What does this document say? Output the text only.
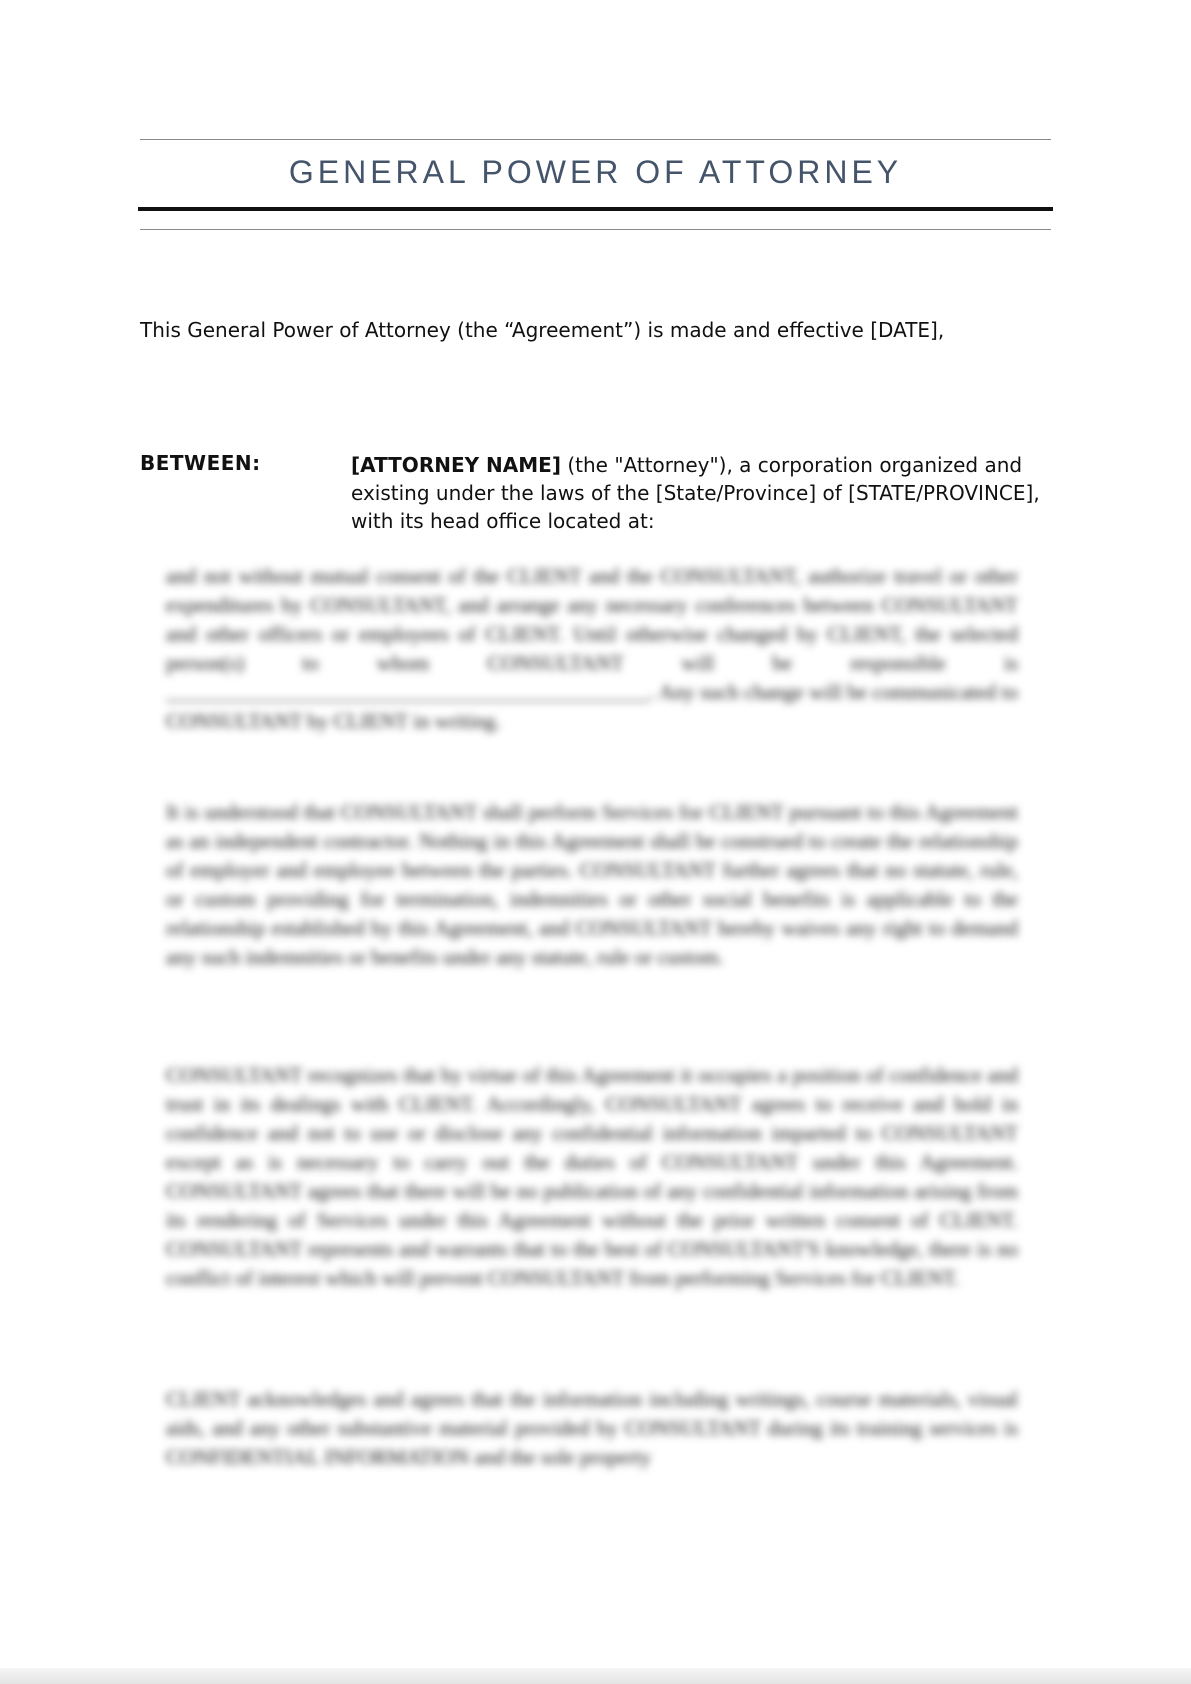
GENERAL POWER OF ATTORNEY

This General Power of Attorney (the “Agreement”) is made and effective [DATE],

BETWEEN:	[ATTORNEY NAME] (the "Attorney"), a corporation organized and existing under the laws of the [State/Province] of [STATE/PROVINCE], with its head office located at:

and not without mutual consent of the CLIENT and the CONSULTANT, authorize travel or other expenditures by CONSULTANT, and arrange any necessary conferences between CONSULTANT and other officers or employees of CLIENT. Until otherwise changed by CLIENT, the selected person(s) to whom CONSULTANT will be responsible is ______________________________________________. Any such change will be communicated to CONSULTANT by CLIENT in writing.

It is understood that CONSULTANT shall perform Services for CLIENT pursuant to this Agreement as an independent contractor. Nothing in this Agreement shall be construed to create the relationship of employer and employee between the parties. CONSULTANT further agrees that no statute, rule, or custom providing for termination, indemnities or other social benefits is applicable to the relationship established by this Agreement, and CONSULTANT hereby waives any right to demand any such indemnities or benefits under any statute, rule or custom.

CONSULTANT recognizes that by virtue of this Agreement it occupies a position of confidence and trust in its dealings with CLIENT. Accordingly, CONSULTANT agrees to receive and hold in confidence and not to use or disclose any confidential information imparted to CONSULTANT except as is necessary to carry out the duties of CONSULTANT under this Agreement. CONSULTANT agrees that there will be no publication of any confidential information arising from its rendering of Services under this Agreement without the prior written consent of CLIENT. CONSULTANT represents and warrants that to the best of CONSULTANT'S knowledge, there is no conflict of interest which will prevent CONSULTANT from performing Services for CLIENT.

CLIENT acknowledges and agrees that the information including writings, course materials, visual aids, and any other substantive material provided by CONSULTANT during its training services is CONFIDENTIAL INFORMATION and the sole property
